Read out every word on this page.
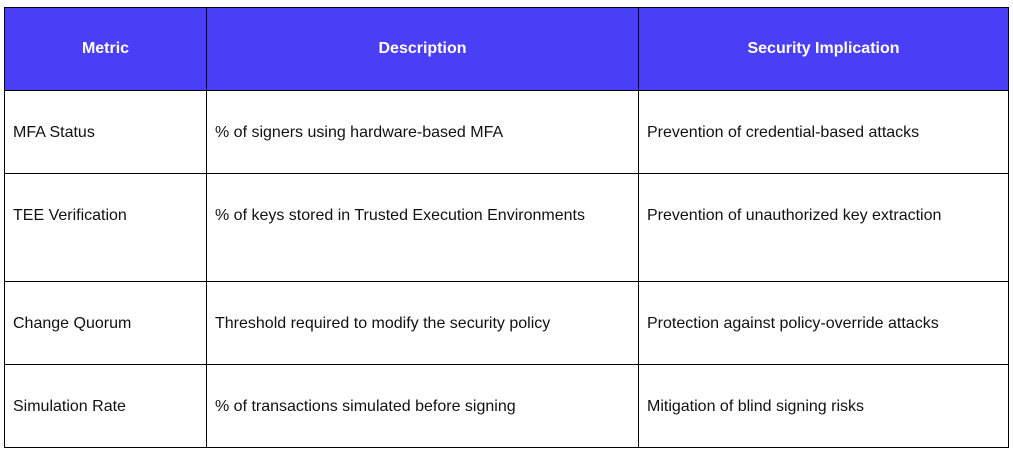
Metric	Description	Security Implication
MFA Status	% of signers using hardware-based MFA	Prevention of credential-based attacks
TEE Verification	% of keys stored in Trusted Execution Environments	Prevention of unauthorized key extraction
Change Quorum	Threshold required to modify the security policy	Protection against policy-override attacks
Simulation Rate	% of transactions simulated before signing	Mitigation of blind signing risks
